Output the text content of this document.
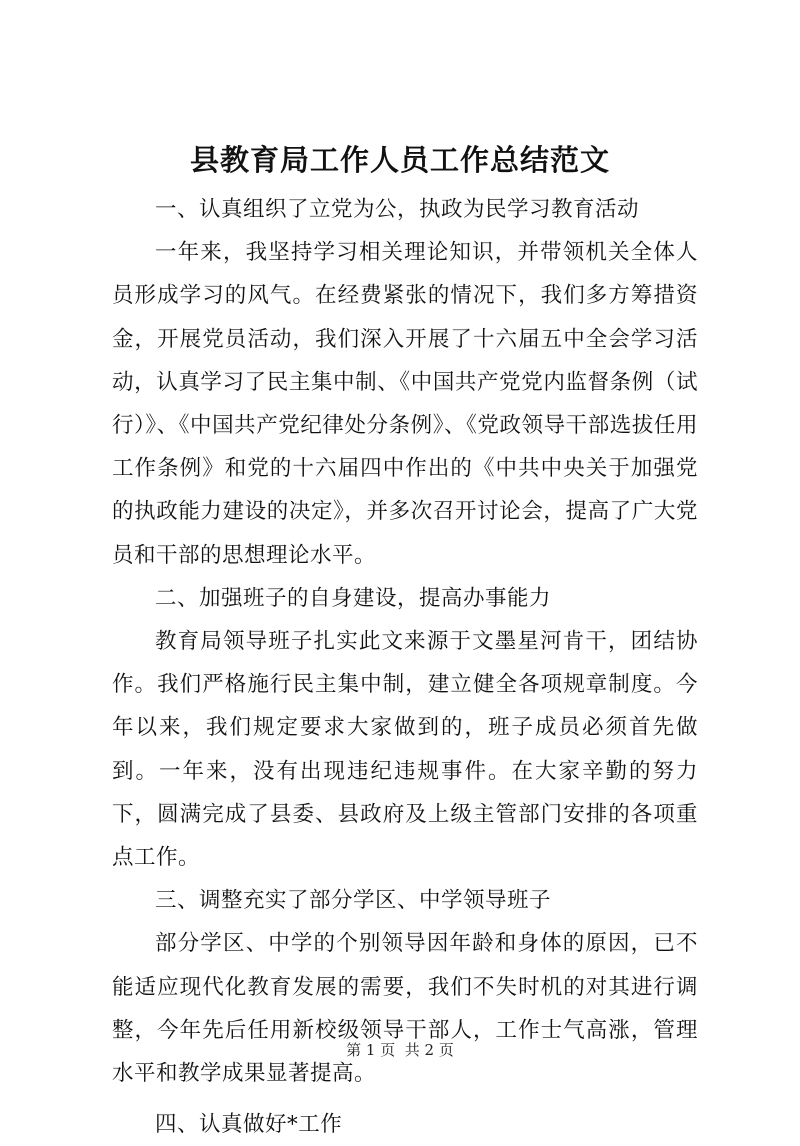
县教育局工作人员工作总结范文

一、认真组织了立党为公，执政为民学习教育活动

一年来，我坚持学习相关理论知识，并带领机关全体人员形成学习的风气。在经费紧张的情况下，我们多方筹措资金，开展党员活动，我们深入开展了十六届五中全会学习活动，认真学习了民主集中制、《中国共产党党内监督条例（试行）》、《中国共产党纪律处分条例》、《党政领导干部选拔任用工作条例》和党的十六届四中作出的《中共中央关于加强党的执政能力建设的决定》，并多次召开讨论会，提高了广大党员和干部的思想理论水平。

二、加强班子的自身建设，提高办事能力

教育局领导班子扎实此文来源于文墨星河肯干，团结协作。我们严格施行民主集中制，建立健全各项规章制度。今年以来，我们规定要求大家做到的，班子成员必须首先做到。一年来，没有出现违纪违规事件。在大家辛勤的努力下，圆满完成了县委、县政府及上级主管部门安排的各项重点工作。

三、调整充实了部分学区、中学领导班子

部分学区、中学的个别领导因年龄和身体的原因，已不能适应现代化教育发展的需要，我们不失时机的对其进行调整，今年先后任用新校级领导干部人，工作士气高涨，管理水平和教学成果显著提高。

四、认真做好*工作

第 1 页  共 2 页
